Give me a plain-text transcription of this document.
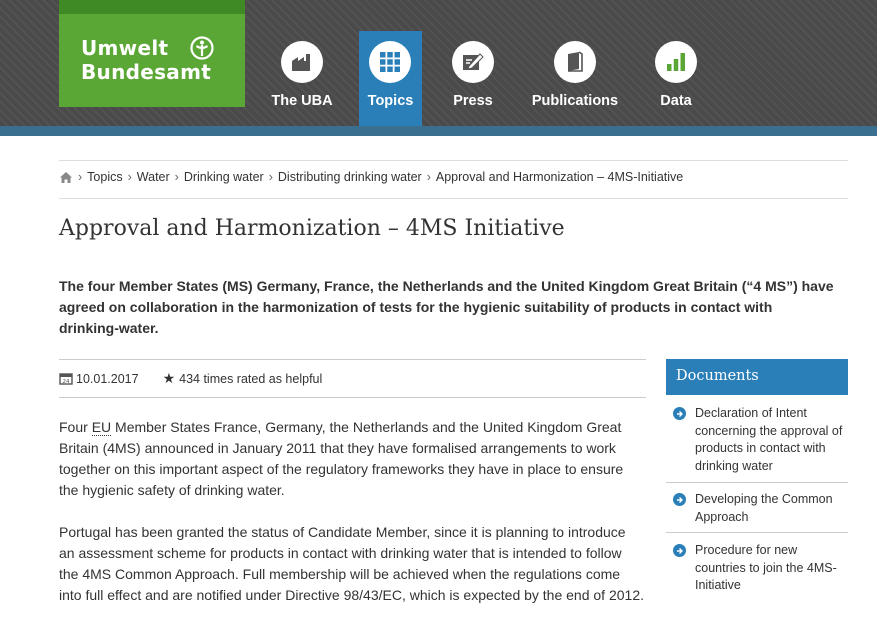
Umwelt
Bundesamt
The UBA	Topics	Press	Publications	Data
› Topics › Water › Drinking water › Distributing drinking water › Approval and Harmonization – 4MS-Initiative
Approval and Harmonization – 4MS Initiative

The four Member States (MS) Germany, France, the Netherlands and the United Kingdom Great Britain (“4 MS”) have agreed on collaboration in the harmonization of tests for the hygienic suitability of products in contact with drinking-water.

24 10.01.2017 ★ 434 times rated as helpful

Four EU Member States France, Germany, the Netherlands and the United Kingdom Great Britain (4MS) announced in January 2011 that they have formalised arrangements to work together on this important aspect of the regulatory frameworks they have in place to ensure the hygienic safety of drinking water.

Portugal has been granted the status of Candidate Member, since it is planning to introduce an assessment scheme for products in contact with drinking water that is intended to follow the 4MS Common Approach. Full membership will be achieved when the regulations come into full effect and are notified under Directive 98/43/EC, which is expected by the end of 2012.

Documents
Declaration of Intent concerning the approval of products in contact with drinking water
Developing the Common Approach
Procedure for new countries to join the 4MS-Initiative
